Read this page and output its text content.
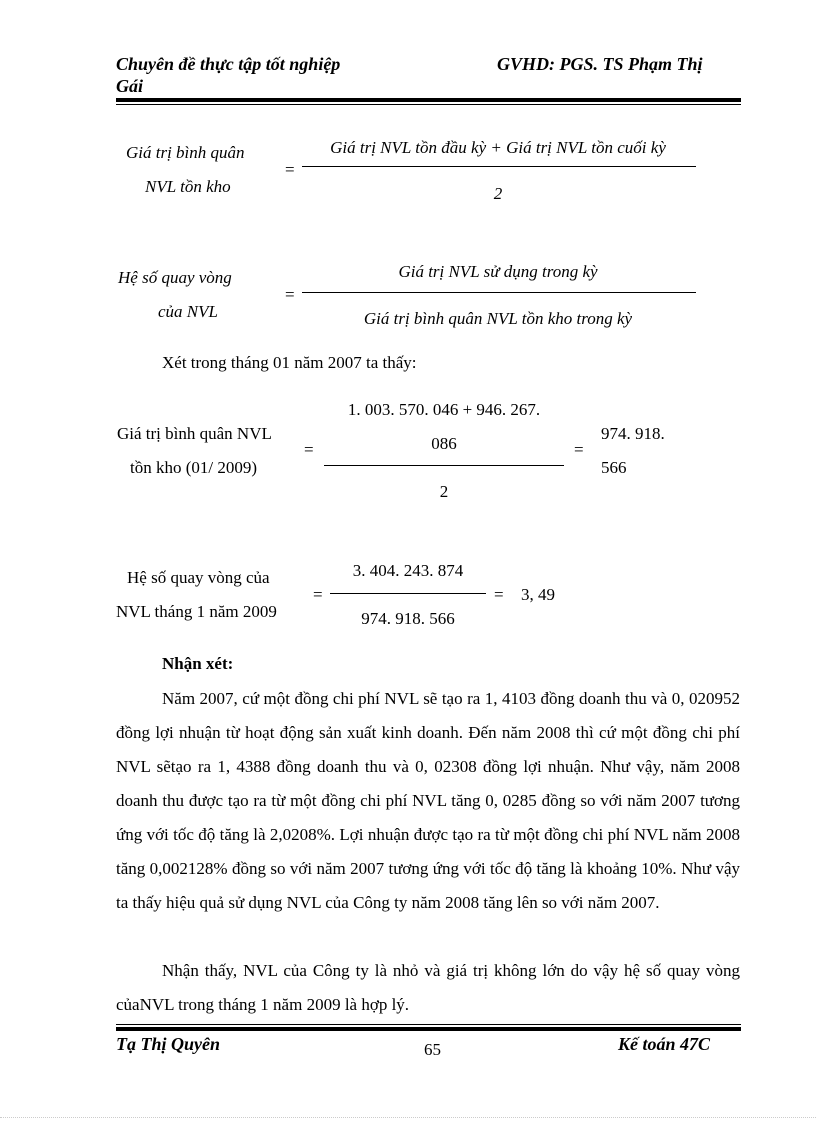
Chuyên đề thực tập tốt nghiệp	GVHD: PGS. TS Phạm Thị
Gái
Giá trị bình quân
NVL tồn kho
=
Giá trị NVL tồn đầu kỳ + Giá trị NVL tồn cuối kỳ
2
Hệ số quay vòng
của NVL
=
Giá trị NVL sử dụng trong kỳ
Giá trị bình quân NVL tồn kho trong kỳ
Xét trong tháng 01 năm 2007 ta thấy:
Giá trị bình quân NVL
tồn kho (01/ 2009)
=
1. 003. 570. 046 + 946. 267.
086
2
=
974. 918.
566
Hệ số quay vòng của
NVL tháng 1 năm 2009
=
3. 404. 243. 874
974. 918. 566
= 3, 49
Nhận xét:
Năm 2007, cứ một đồng chi phí NVL sẽ tạo ra 1, 4103 đồng doanh thu và 0, 020952 đồng lợi nhuận từ hoạt động sản xuất kinh doanh. Đến năm 2008 thì cứ một đồng chi phí NVL sẽtạo ra 1, 4388 đồng doanh thu và 0, 02308 đồng lợi nhuận. Như vậy, năm 2008 doanh thu được tạo ra từ một đồng chi phí NVL tăng 0, 0285 đồng so với năm 2007 tương ứng với tốc độ tăng là 2,0208%. Lợi nhuận được tạo ra từ một đồng chi phí NVL năm 2008 tăng 0,002128% đồng so với năm 2007 tương ứng với tốc độ tăng là khoảng 10%. Như vậy ta thấy hiệu quả sử dụng NVL của Công ty năm 2008 tăng lên so với năm 2007.
Nhận thấy, NVL của Công ty là nhỏ và giá trị không lớn do vậy hệ số quay vòng củaNVL trong tháng 1 năm 2009 là hợp lý.
Tạ Thị Quyên	65	Kế toán 47C
